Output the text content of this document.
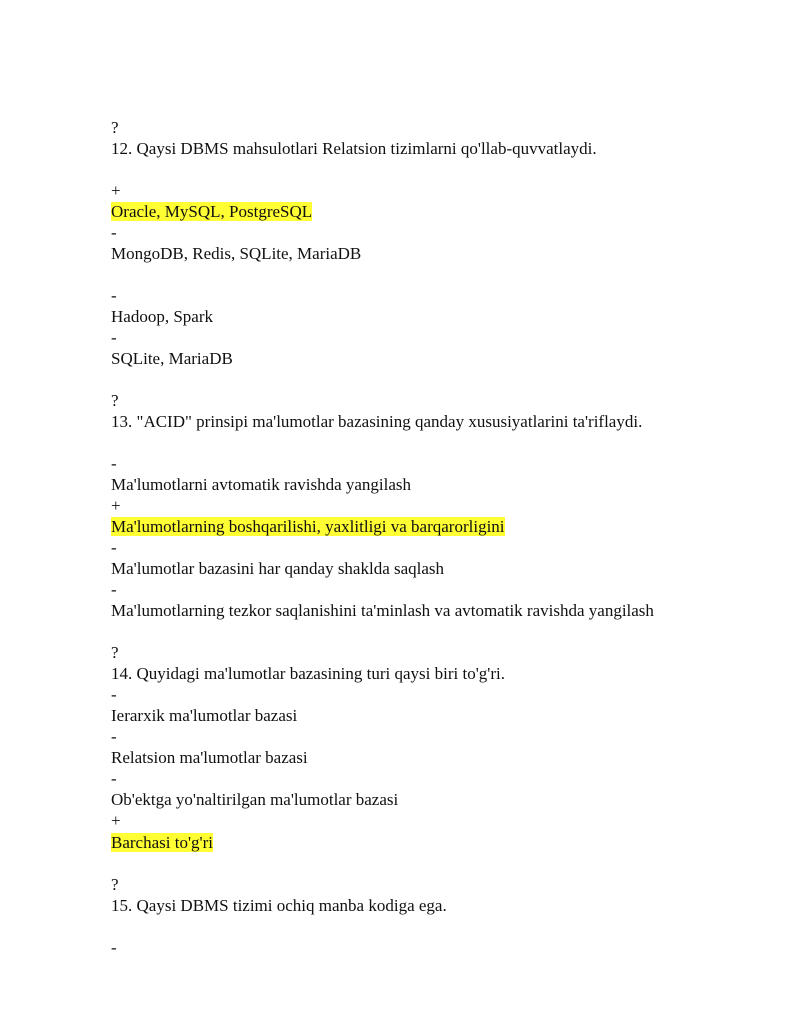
?
12. Qaysi DBMS mahsulotlari Relatsion tizimlarni qo'llab-quvvatlaydi.
+
Oracle, MySQL, PostgreSQL
-
MongoDB, Redis, SQLite, MariaDB
-
Hadoop, Spark
-
SQLite, MariaDB
?
13. "ACID" prinsipi ma'lumotlar bazasining qanday xususiyatlarini ta'riflaydi.
-
Ma'lumotlarni avtomatik ravishda yangilash
+
Ma'lumotlarning boshqarilishi, yaxlitligi va barqarorligini
-
Ma'lumotlar bazasini har qanday shaklda saqlash
-
Ma'lumotlarning tezkor saqlanishini ta'minlash va avtomatik ravishda yangilash
?
14. Quyidagi ma'lumotlar bazasining turi qaysi biri to'g'ri.
-
Ierarxik ma'lumotlar bazasi
-
Relatsion ma'lumotlar bazasi
-
Ob'ektga yo'naltirilgan ma'lumotlar bazasi
+
Barchasi to'g'ri
?
15. Qaysi DBMS tizimi ochiq manba kodiga ega.
-
